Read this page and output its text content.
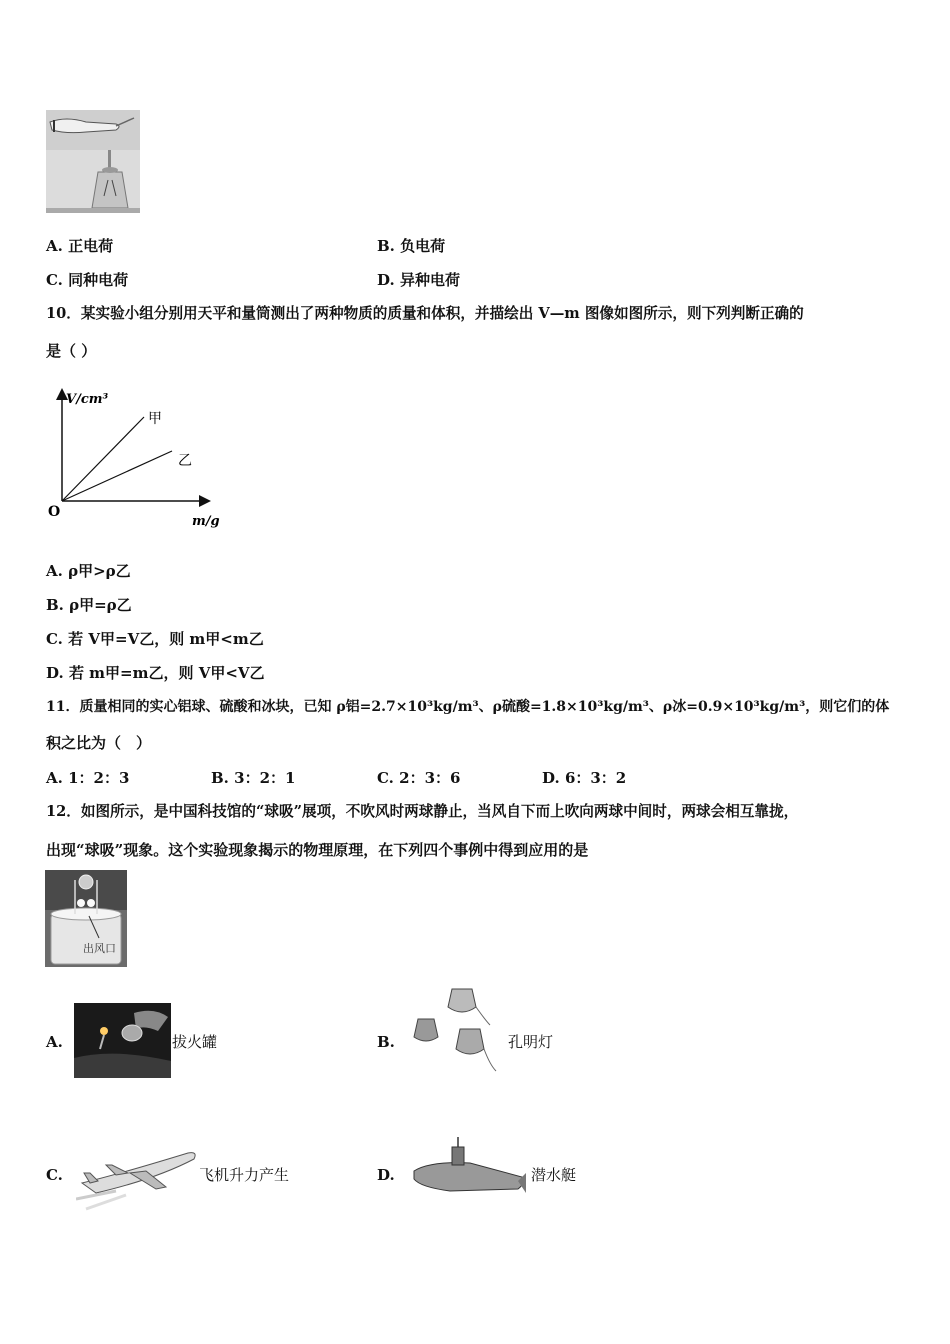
A. 正电荷	B. 负电荷
C. 同种电荷	D. 异种电荷
10．某实验小组分别用天平和量筒测出了两种物质的质量和体积，并描绘出 V—m 图像如图所示，则下列判断正确的
是（ ）
V/cm³
m/g
O
甲
乙
A. ρ甲>ρ乙
B. ρ甲=ρ乙
C. 若 V甲=V乙，则 m甲<m乙
D. 若 m甲=m乙，则 V甲<V乙
11．质量相同的实心铝球、硫酸和冰块，已知 ρ铝=2.7×10³kg/m³、ρ硫酸=1.8×10³kg/m³、ρ冰=0.9×10³kg/m³，则它们的体
积之比为（　）
A. 1：2：3	B. 3：2：1	C. 2：3：6	D. 6：3：2
12．如图所示，是中国科技馆的“球吸”展项，不吹风时两球静止，当风自下而上吹向两球中间时，两球会相互靠拢，
出现“球吸”现象。这个实验现象揭示的物理原理，在下列四个事例中得到应用的是
出风口
A.	拔火罐	B.	孔明灯
C.	飞机升力产生	D.	潜水艇
